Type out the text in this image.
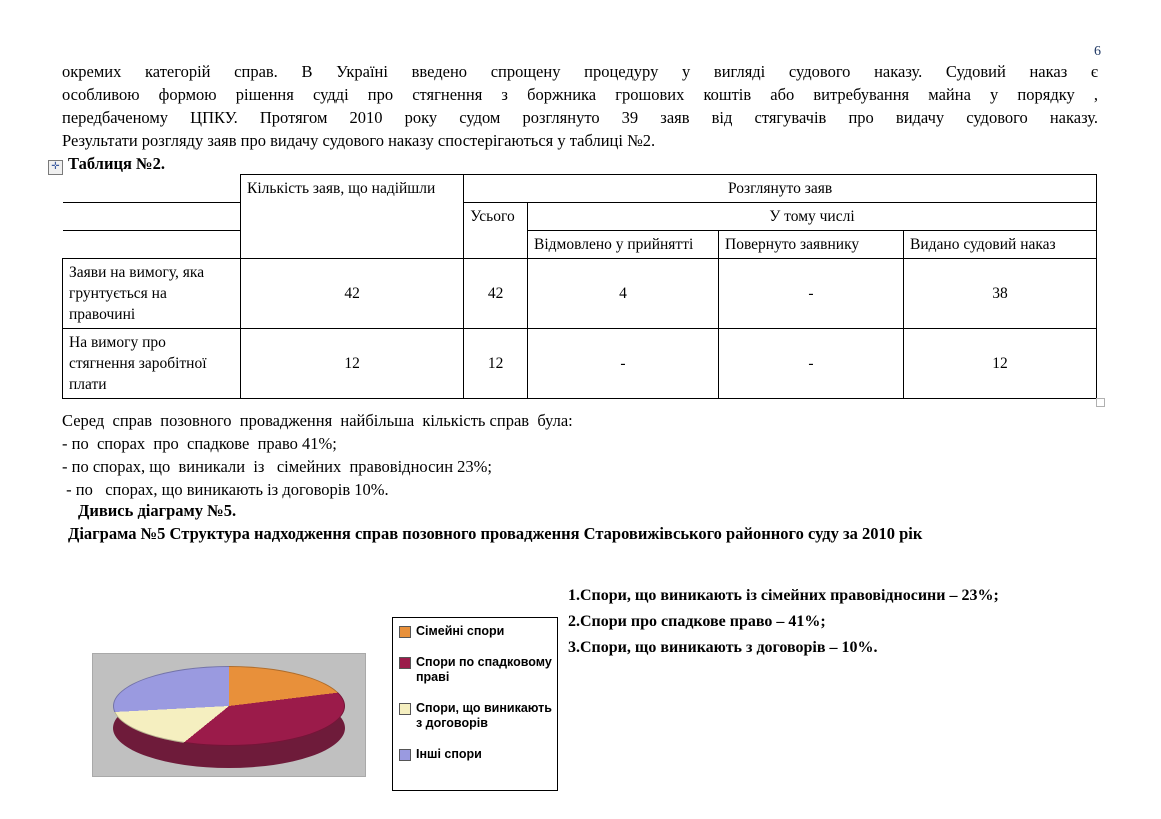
6

окремих категорій справ. В Україні введено спрощену процедуру у вигляді судового наказу. Судовий наказ є

особливою формою рішення судді про стягнення з боржника грошових коштів або витребування майна у порядку ,

передбаченому ЦПКУ. Протягом 2010 року судом розглянуто 39 заяв від стягувачів про видачу судового наказу.

Результати розгляду заяв про видачу судового наказу спостерігаються у таблиці №2.

✛ Таблиця №2.
	Кількість заяв, що надійшли	Розглянуто заяв			
		Усього	У тому числі		
			Відмовлено у прийнятті	Повернуто заявнику	Видано судовий наказ
Заяви на вимогу, яка грунтується на правочині	42	42	4	-	38
На вимогу про стягнення заробітної плати	12	12	-	-	12
Серед  справ  позовного  провадження  найбільша  кількість справ  була:
- по  спорах  про  спадкове  право 41%;
- по спорах, що  виникали  із   сімейних  правовідносин 23%;
- по   спорах, що виникають із договорів 10%.
Дивись діаграму №5.
Діаграма №5 Структура надходження справ позовного провадження Старовижівського районного суду за 2010 рік
1.Спори, що виникають із сімейних правовідносини – 23%;
2.Спори про спадкове право – 41%;
3.Спори, що виникають з договорів – 10%.
Сімейні спори
Спори по спадковому праві
Спори, що виникають з договорів
Інші спори
